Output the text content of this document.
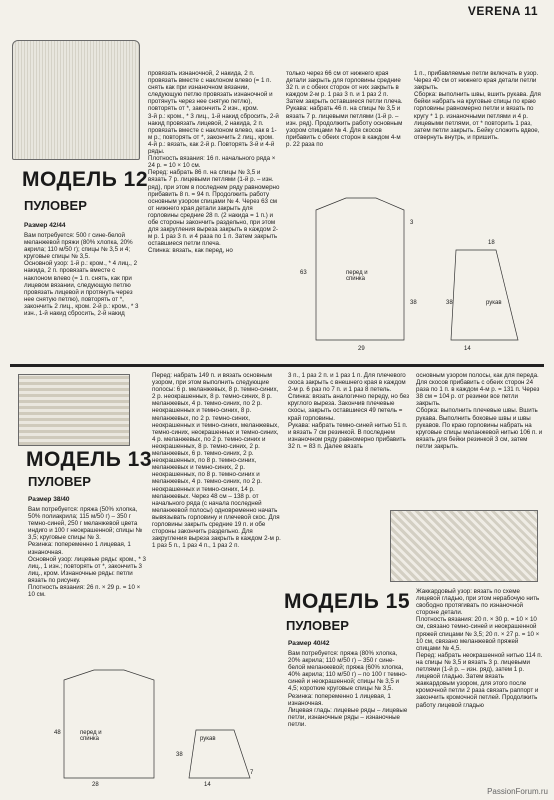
VERENA 11
МОДЕЛЬ 12
ПУЛОВЕР
Размер 42/44
Вам потребуется: 500 г сине-белой меланжевой пряжи (80% хлопка, 20% акрила; 110 м/50 г); спицы № 3,5 и 4; круговые спицы № 3,5.
Основной узор: 1-й р.: кром., * 4 лиц., 2 накида, 2 п. провязать вместе с наклоном влево (= 1 п. снять, как при лицевом вязании, следующую петлю провязать лицевой и протянуть через нее снятую петлю), повторять от *, закончить 2 лиц., кром. 2-й р.: кром., * 3 изн., 1-й накид сбросить, 2-й накид
провязать изнаночной, 2 накида, 2 п. провязать вместе с наклоном влево (= 1 п. снять как при изнаночном вязании, следующую петлю провязать изнаночной и протянуть через нее снятую петлю), повторять от *, закончить 2 изн., кром.
3-й р.: кром., * 3 лиц., 1-й накид сбросить, 2-й накид провязать лицевой, 2 накида, 2 п. провязать вместе с наклоном влево, как в 1-м р.; повторять от *, закончить 2 лиц., кром. 4-й р.: вязать, как 2-й р. Повторять 3-й и 4-й ряды.
Плотность вязания: 16 п. начального ряда × 24 р. = 10 × 10 см.
Перед: набрать 86 п. на спицы № 3,5 и вязать 7 р. лицевыми петлями (1-й р. – изн. ряд), при этом в последнем ряду равномерно прибавить 8 п. = 94 п. Продолжить работу основным узором спицами № 4. Через 63 см от нижнего края детали закрыть для горловины средние 28 п. (2 накида = 1 п.) и обе стороны закончить раздельно, при этом для закругления выреза закрыть в каждом 2-м р. 1 раз 3 п. и 4 раза по 1 п. Затем закрыть оставшиеся петли плеча.
Спинка: вязать, как перед, но
только через 66 см от нижнего края детали закрыть для горловины средние 32 п. и с обеих сторон от них закрыть в каждом 2-м р. 1 раз 3 п. и 1 раз 2 п. Затем закрыть оставшиеся петли плеча.
Рукава: набрать 46 п. на спицы № 3,5 и вязать 7 р. лицевыми петлями (1-й р. – изн. ряд). Продолжить работу основным узором спицами № 4. Для скосов прибавить с обеих сторон в каждом 4-м р. 22 раза по
1 п., прибавляемые петли включать в узор. Через 40 см от нижнего края детали петли закрыть.
Сборка: выполнить швы, вшить рукава. Для бейки набрать на круговые спицы по краю горловины равномерно петли и вязать по кругу * 1 р. изнаночными петлями и 4 р. лицевыми петлями, от * повторить 1 раз, затем петли закрыть. Бейку сложить вдвое, отвернуть внутрь, и пришить.
перед и спинка
рукав
63
29
38
14
3
38
18
МОДЕЛЬ 13
ПУЛОВЕР
Размер 38/40
Вам потребуется: пряжа (50% хлопка, 50% полиакрила; 115 м/50 г) – 350 г темно-синей, 250 г меланжевой цвета индиго и 100 г неокрашенной; спицы № 3,5; круговые спицы № 3.
Резинка: попеременно 1 лицевая, 1 изнаночная.
Основной узор: лицевые ряды: кром., * 3 лиц., 1 изн.; повторять от *, закончить 3 лиц., кром. Изнаночные ряды: петли вязать по рисунку.
Плотность вязания: 26 п. × 29 р. = 10 × 10 см.
Перед: набрать 149 п. и вязать основным узором, при этом выполнить следующие полосы: 6 р. меланжевых, 8 р. темно-синих, 2 р. неокрашенных, 8 р. темно-синих, 8 р. меланжевых, 4 р. темно-синих, по 2 р. неокрашенных и темно-синих, 8 р. меланжевых, по 2 р. темно-синих, неокрашенных и темно-синих, меланжевых, темно-синих, неокрашенных и темно-синих, 4 р. меланжевых, по 2 р. темно-синих и неокрашенных, 8 р. темно-синих, 2 р. меланжевых, 6 р. темно-синих, 2 р. неокрашенных, по 8 р. темно-синих, меланжевых и темно-синих, 2 р. неокрашенных, по 8 р. темно-синих и меланжевых, 4 р. темно-синих, по 2 р. неокрашенных и темно-синих, 14 р. меланжевых. Через 48 см – 138 р. от начального ряда (с начала последней меланжевой полосы) одновременно начать вывязывать горловину и плечевой скос. Для горловины закрыть средние 19 п. и обе стороны закончить раздельно. Для закругления выреза закрыть в каждом 2-м р. 1 раз 5 п., 1 раз 4 п., 1 раз 2 п.
3 п., 1 раз 2 п. и 1 раз 1 п. Для плечевого скоса закрыть с внешнего края в каждом 2-м р. 6 раз по 7 п. и 1 раз 8 петель.
Спинка: вязать аналогично переду, но без круглого выреза. Закончив плечевые скосы, закрыть оставшиеся 49 петель = край горловины.
Рукава: набрать темно-синей нитью 51 п. и вязать 7 см резинкой. В последнем изнаночном ряду равномерно прибавить 32 п. = 83 п. Далее вязать
основным узором полосы, как для переда. Для скосов прибавить с обеих сторон 24 раза по 1 п. в каждом 4-м р. = 131 п. Через 38 см = 104 р. от резинки все петли закрыть.
Сборка: выполнить плечевые швы. Вшить рукава. Выполнить боковые швы и швы рукавов. По краю горловины набрать на круговые спицы меланжевой нитью 106 п. и вязать для бейки резинкой 3 см, затем петли закрыть.
перед и спинка	рукав
48
28	14
38
7
МОДЕЛЬ 15
ПУЛОВЕР
Размер 40/42
Вам потребуется: пряжа (80% хлопка, 20% акрила; 110 м/50 г) – 350 г сине-белой меланжевой; пряжа (60% хлопка, 40% акрила; 110 м/50 г) – по 100 г темно-синей и неокрашенной; спицы № 3,5 и 4,5; короткие круговые спицы № 3,5.
Резинка: попеременно 1 лицевая, 1 изнаночная.
Лицевая гладь: лицевые ряды – лицевые петли, изнаночные ряды – изнаночные петли.
Жаккардовый узор: вязать по схеме лицевой гладью, при этом нерабочую нить свободно протягивать по изнаночной стороне детали.
Плотность вязания: 20 п. × 30 р. = 10 × 10 см, связано темно-синей и неокрашенной пряжей спицами № 3,5; 20 п. × 27 р. = 10 × 10 см, связано меланжевой пряжей спицами № 4,5.
Перед: набрать неокрашенной нитью 114 п. на спицы № 3,5 и вязать 3 р. лицевыми петлями (1-й р. – изн. ряд), затем 1 р. лицевой гладью. Затем вязать жаккардовым узором, для этого после кромочной петли 2 раза связать раппорт и закончить кромочной петлей. Продолжить работу лицевой гладью
PassionForum.ru
